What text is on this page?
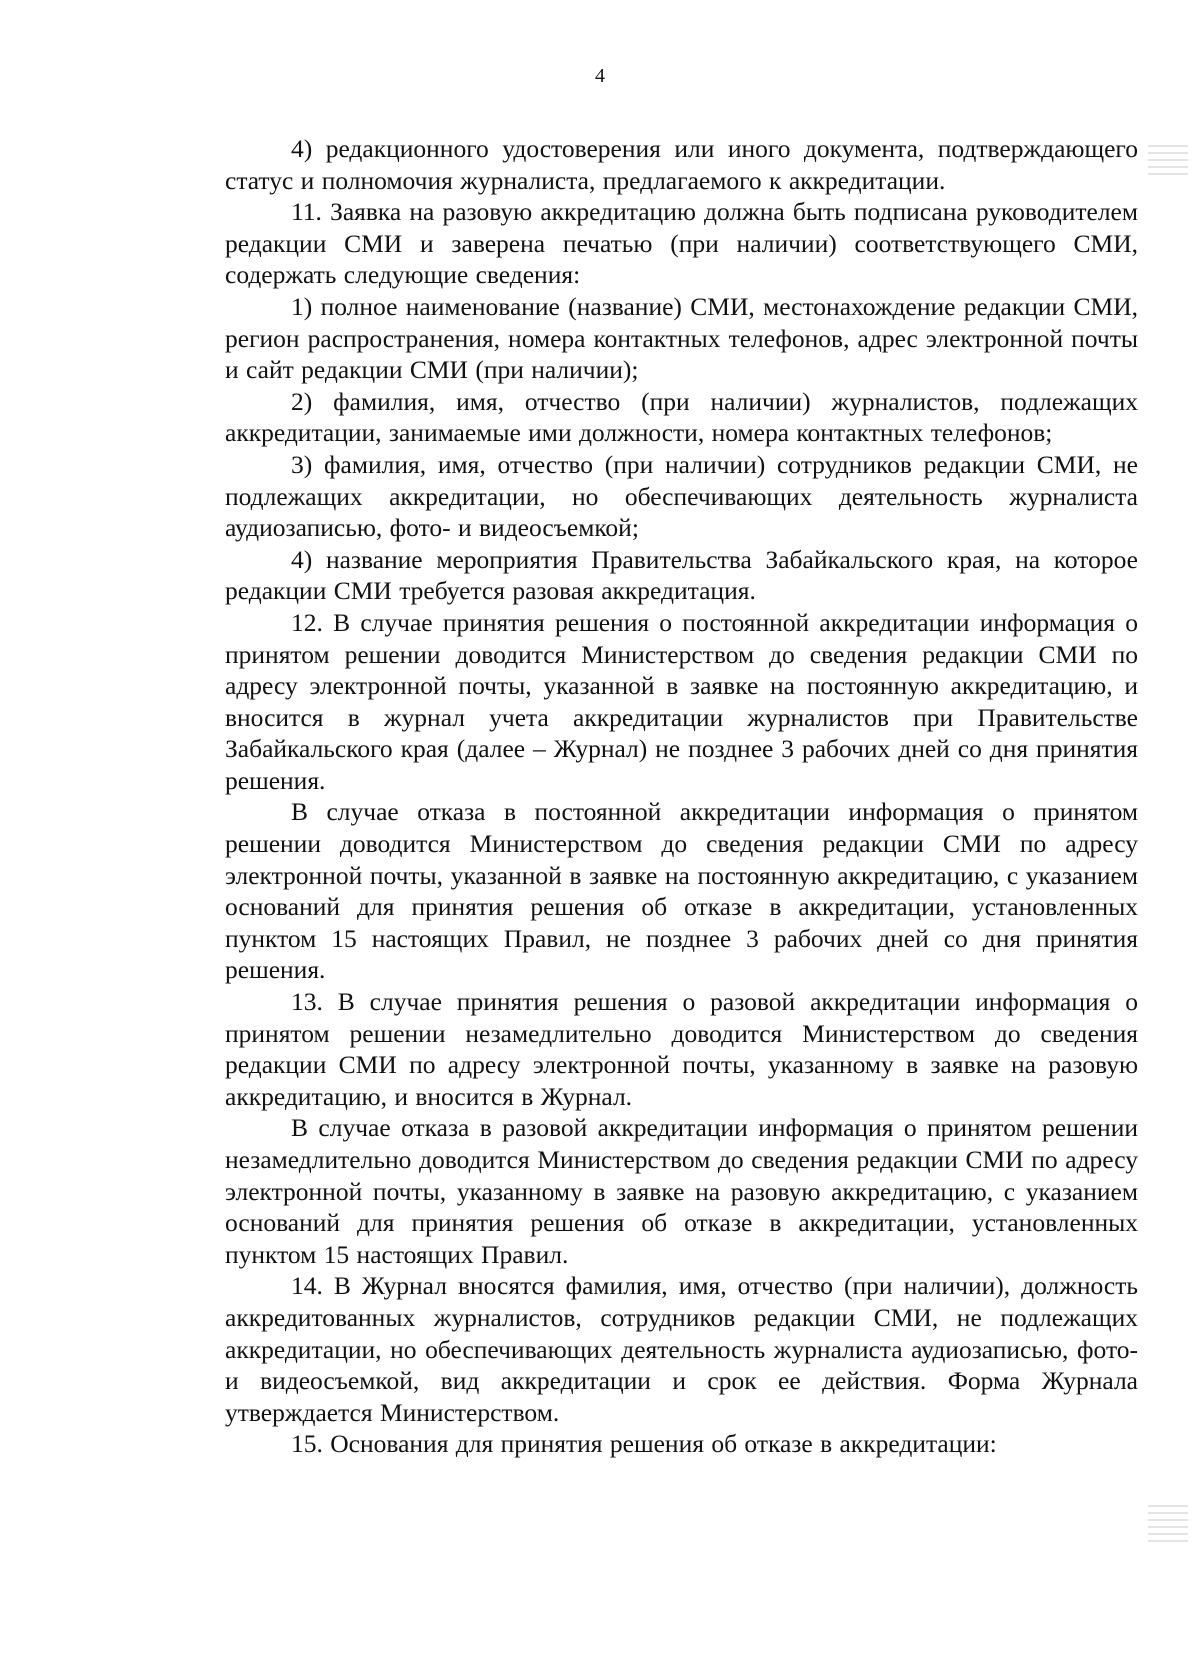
4

4) редакционного удостоверения или иного документа, подтверждающего статус и полномочия журналиста, предлагаемого к аккредитации.

11. Заявка на разовую аккредитацию должна быть подписана руководителем редакции СМИ и заверена печатью (при наличии) соответствующего СМИ, содержать следующие сведения:

1) полное наименование (название) СМИ, местонахождение редакции СМИ, регион распространения, номера контактных телефонов, адрес электронной почты и сайт редакции СМИ (при наличии);

2) фамилия, имя, отчество (при наличии) журналистов, подлежащих аккредитации, занимаемые ими должности, номера контактных телефонов;

3) фамилия, имя, отчество (при наличии) сотрудников редакции СМИ, не подлежащих аккредитации, но обеспечивающих деятельность журналиста аудиозаписью, фото- и видеосъемкой;

4) название мероприятия Правительства Забайкальского края, на которое редакции СМИ требуется разовая аккредитация.

12. В случае принятия решения о постоянной аккредитации информация о принятом решении доводится Министерством до сведения редакции СМИ по адресу электронной почты, указанной в заявке на постоянную аккредитацию, и вносится в журнал учета аккредитации журналистов при Правительстве Забайкальского края (далее – Журнал) не позднее 3 рабочих дней со дня принятия решения.

В случае отказа в постоянной аккредитации информация о принятом решении доводится Министерством до сведения редакции СМИ по адресу электронной почты, указанной в заявке на постоянную аккредитацию, с указанием оснований для принятия решения об отказе в аккредитации, установленных пунктом 15 настоящих Правил, не позднее 3 рабочих дней со дня принятия решения.

13. В случае принятия решения о разовой аккредитации информация о принятом решении незамедлительно доводится Министерством до сведения редакции СМИ по адресу электронной почты, указанному в заявке на разовую аккредитацию, и вносится в Журнал.

В случае отказа в разовой аккредитации информация о принятом решении незамедлительно доводится Министерством до сведения редакции СМИ по адресу электронной почты, указанному в заявке на разовую аккредитацию, с указанием оснований для принятия решения об отказе в аккредитации, установленных пунктом 15 настоящих Правил.

14. В Журнал вносятся фамилия, имя, отчество (при наличии), должность аккредитованных журналистов, сотрудников редакции СМИ, не подлежащих аккредитации, но обеспечивающих деятельность журналиста аудиозаписью, фото- и видеосъемкой, вид аккредитации и срок ее действия. Форма Журнала утверждается Министерством.

15. Основания для принятия решения об отказе в аккредитации:
